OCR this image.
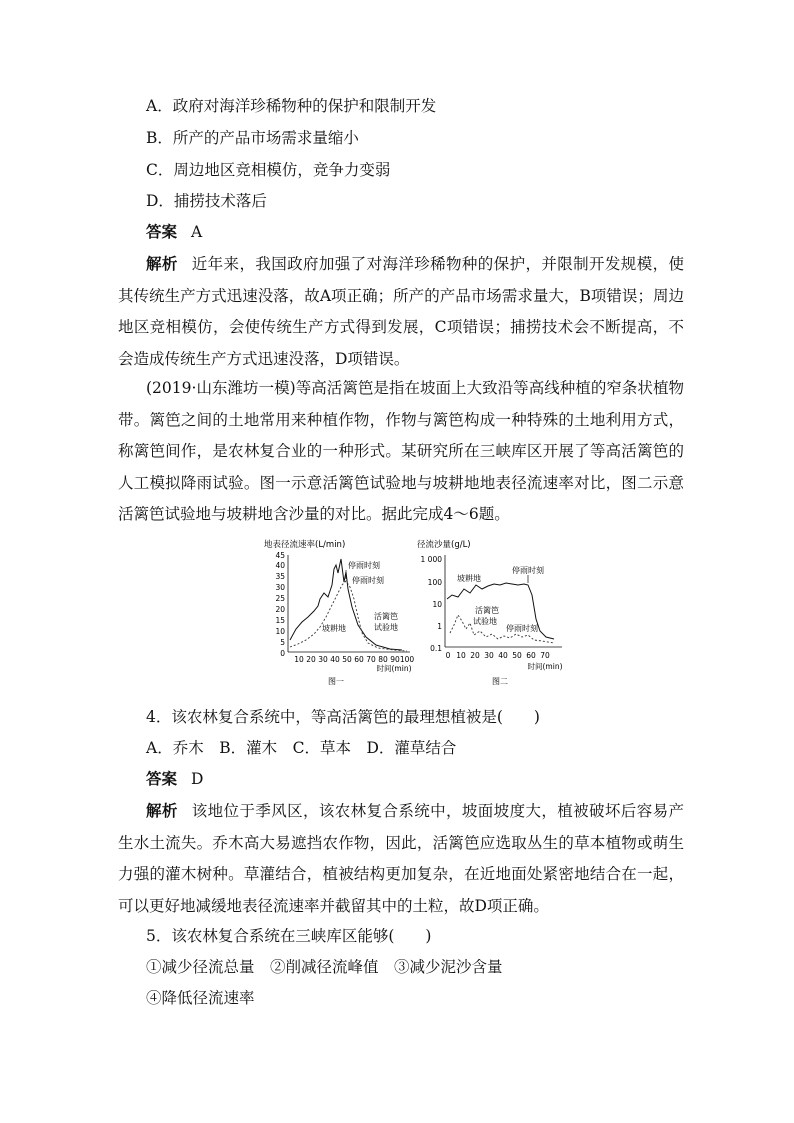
A．政府对海洋珍稀物种的保护和限制开发
B．所产的产品市场需求量缩小
C．周边地区竞相模仿，竞争力变弱
D．捕捞技术落后
答案 A
解析 近年来，我国政府加强了对海洋珍稀物种的保护，并限制开发规模，使其传统生产方式迅速没落，故A项正确；所产的产品市场需求量大，B项错误；周边地区竞相模仿，会使传统生产方式得到发展，C项错误；捕捞技术会不断提高，不会造成传统生产方式迅速没落，D项错误。
(2019·山东潍坊一模)等高活篱笆是指在坡面上大致沿等高线种植的窄条状植物带。篱笆之间的土地常用来种植作物，作物与篱笆构成一种特殊的土地利用方式，称篱笆间作，是农林复合业的一种形式。某研究所在三峡库区开展了等高活篱笆的人工模拟降雨试验。图一示意活篱笆试验地与坡耕地地表径流速率对比，图二示意活篱笆试验地与坡耕地含沙量的对比。据此完成4～6题。
地表径流速率(L/min)
45
40
35
30
25
20
15
10
5
0
10 20 30 40 50 60 70 80 90 100
时间(min)
图一
停雨时刻
停雨时刻
坡耕地
活篱笆
试验地
径流沙量(g/L)
1 000
100
10
1
0.1
0 10 20 30 40 50 60 70
时间(min)
图二
停雨时刻
坡耕地
活篱笆
试验地
停雨时刻
4．该农林复合系统中，等高活篱笆的最理想植被是(　　)
A．乔木　B．灌木　C．草本　D．灌草结合
答案 D
解析 该地位于季风区，该农林复合系统中，坡面坡度大，植被破坏后容易产生水土流失。乔木高大易遮挡农作物，因此，活篱笆应选取丛生的草本植物或萌生力强的灌木树种。草灌结合，植被结构更加复杂，在近地面处紧密地结合在一起，可以更好地减缓地表径流速率并截留其中的土粒，故D项正确。
5．该农林复合系统在三峡库区能够(　　)
①减少径流总量　②削减径流峰值　③减少泥沙含量
④降低径流速率
